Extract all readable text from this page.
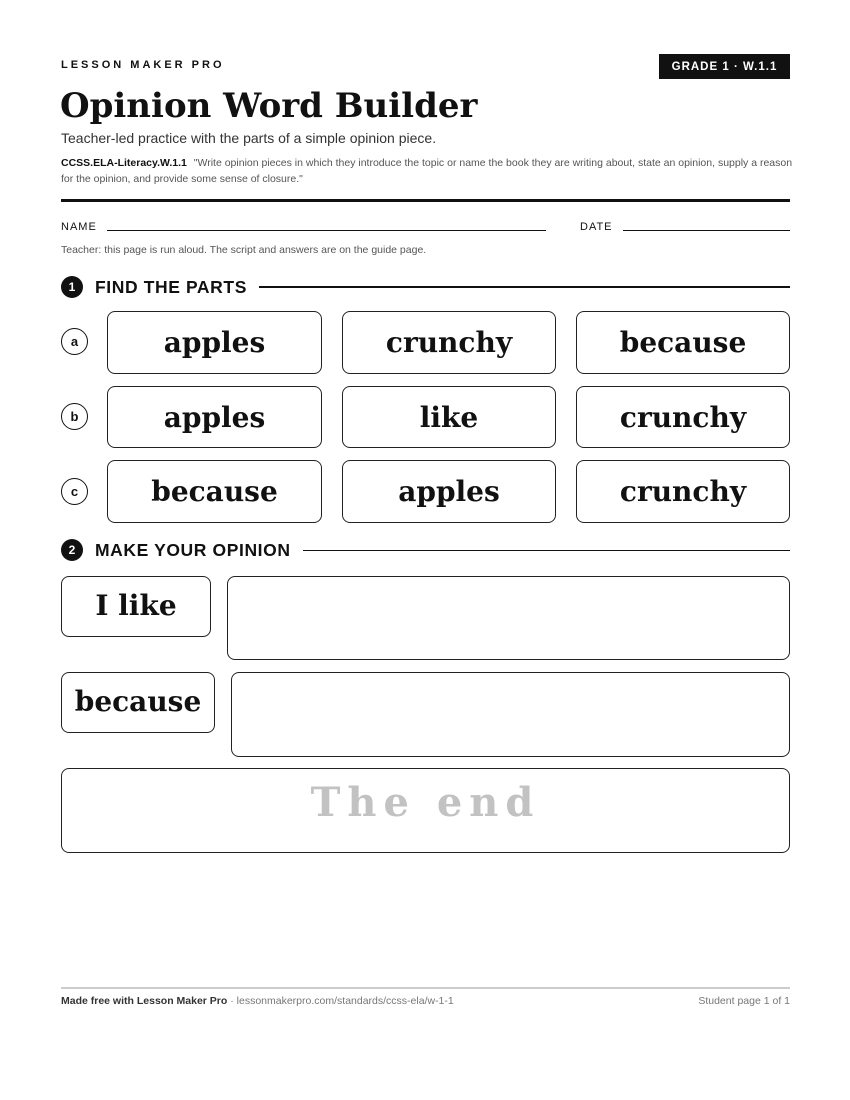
LESSON MAKER PRO	GRADE 1 · W.1.1
Opinion Word Builder
Teacher-led practice with the parts of a simple opinion piece.
CCSS.ELA-Literacy.W.1.1 "Write opinion pieces in which they introduce the topic or name the book they are writing about, state an opinion, supply a reason for the opinion, and provide some sense of closure."
NAME	DATE
Teacher: this page is run aloud. The script and answers are on the guide page.
1	FIND THE PARTS
a	apples	crunchy	because
b	apples	like	crunchy
c	because	apples	crunchy
2	MAKE YOUR OPINION
I like
because
The end
Made free with Lesson Maker Pro · lessonmakerpro.com/standards/ccss-ela/w-1-1	Student page 1 of 1
